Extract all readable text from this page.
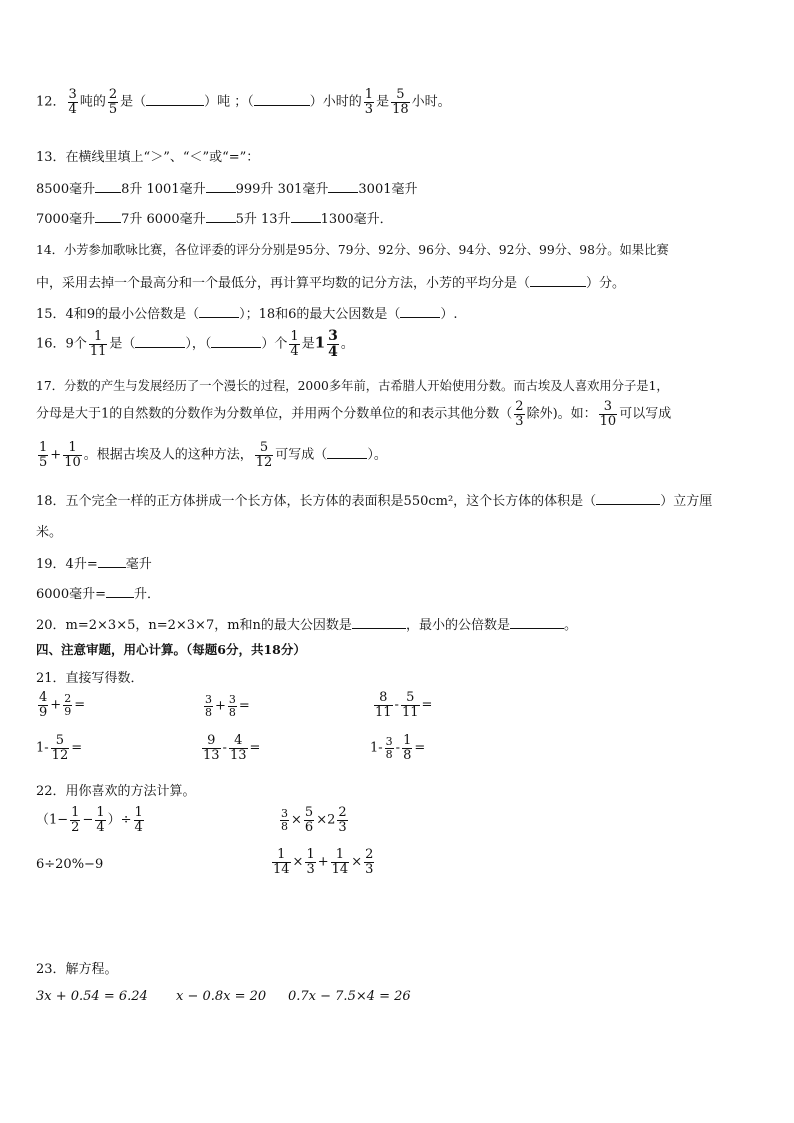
12． $\frac{3}{4}$ 吨的 $\frac{2}{5}$ 是（	）吨 ；（	）小时的 $\frac{1}{3}$ 是 $\frac{5}{18}$ 小时。
13．在横线里填上“＞”、“＜”或“=”：
8500毫升 8升 1001毫升 999升 301毫升 3001毫升
7000毫升 7升 6000毫升 5升 13升 1300毫升．
14．小芳参加歌咏比赛，各位评委的评分分别是95分、79分、92分、96分、94分、92分、99分、98分。如果比赛
中，采用去掉一个最高分和一个最低分，再计算平均数的记分方法，小芳的平均分是（	）分。
15．4和9的最小公倍数是（	）；18和6的最大公因数是（	）.
16．9个 $\frac{1}{11}$ 是（	），（	）个 $\frac{1}{4}$ 是$1 \frac{3}{4}$ 。
17．分数的产生与发展经历了一个漫长的过程，2000多年前，古希腊人开始使用分数。而古埃及人喜欢用分子是1，
分母是大于1的自然数的分数作为分数单位，并用两个分数单位的和表示其他分数（ $\frac{2}{3}$ 除外)。如： $\frac{3}{10}$ 可以写成
$\frac{1}{5} + \frac{1}{10}$ 。根据古埃及人的这种方法， $\frac{5}{12}$ 可写成（	）。
18．五个完全一样的正方体拼成一个长方体，长方体的表面积是550cm²，这个长方体的体积是（	）立方厘
米。
19．4升= 毫升
6000毫升= 升．
20．m=2×3×5，n=2×3×7，m和n的最大公因数是	，最小的公倍数是	。
四、注意审题，用心计算。（每题6分，共18分）
21．直接写得数．
$\frac{4}{9} + \frac{2}{9}$ =	$\frac{3}{8} + \frac{3}{8}$ =	$\frac{8}{11} - \frac{5}{11}$ =
$1- \frac{5}{12}$ =	$\frac{9}{13} - \frac{4}{13}$ =	$1- \frac{3}{8} - \frac{1}{8}$ =
22．用你喜欢的方法计算。
（$1- \frac{1}{2} - \frac{1}{4}$ ）÷ $\frac{1}{4}$	$\frac{3}{8} \times \frac{5}{6} \times 2 \frac{2}{3}$
6÷20%−9	$\frac{1}{14} \times \frac{1}{3} + \frac{1}{14} \times \frac{2}{3}$
23．解方程。
3x + 0.54 = 6.24 x − 0.8x = 20 0.7x − 7.5×4 = 26
